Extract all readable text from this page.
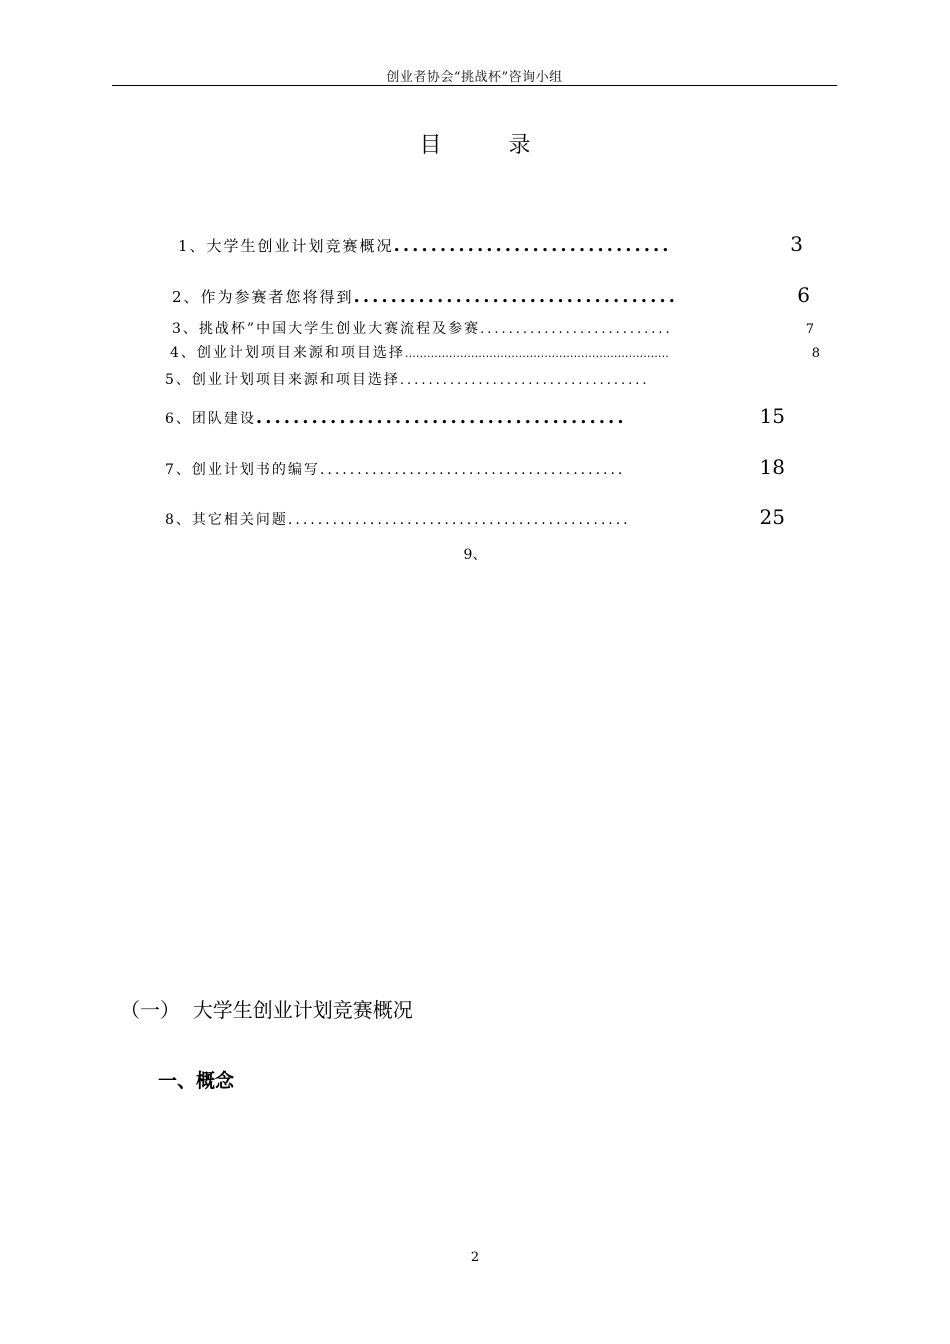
创业者协会“挑战杯”咨询小组
目 录
1、大学生创业计划竞赛概况 ..............................	3
2、作为参赛者您将得到 ...................................	6
3、挑战杯”中国大学生创业大赛流程及参赛 ...........................	7
4、创业计划项目来源和项目选择 ………………………………………………………………	8
5、创业计划项目来源和项目选择 ...................................
6、团队建设 ........................................	15
7、创业计划书的编写 .........................................	18
8、其它相关问题 ..............................................	25
9、
（一）  大学生创业计划竞赛概况
一、概念
2
